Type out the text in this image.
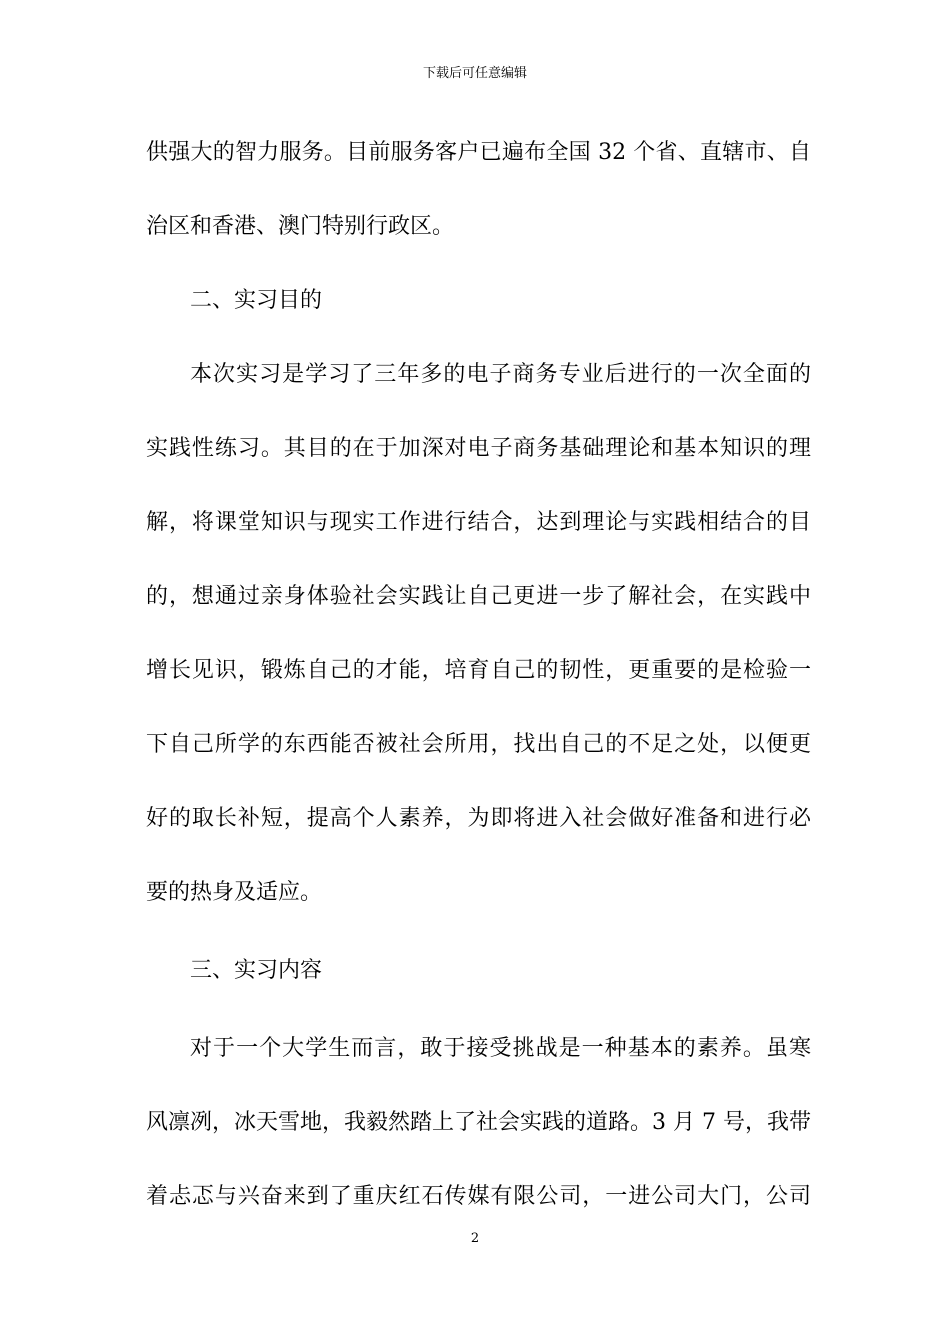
下载后可任意编辑
供强大的智力服务。目前服务客户已遍布全国 32 个省、直辖市、自
治区和香港、澳门特别行政区。
二、实习目的
本次实习是学习了三年多的电子商务专业后进行的一次全面的
实践性练习。其目的在于加深对电子商务基础理论和基本知识的理
解，将课堂知识与现实工作进行结合，达到理论与实践相结合的目
的，想通过亲身体验社会实践让自己更进一步了解社会，在实践中
增长见识，锻炼自己的才能，培育自己的韧性，更重要的是检验一
下自己所学的东西能否被社会所用，找出自己的不足之处，以便更
好的取长补短，提高个人素养，为即将进入社会做好准备和进行必
要的热身及适应。
三、实习内容
对于一个大学生而言，敢于接受挑战是一种基本的素养。虽寒
风凛冽，冰天雪地，我毅然踏上了社会实践的道路。3 月 7 号，我带
着忐忑与兴奋来到了重庆红石传媒有限公司，一进公司大门，公司
2
